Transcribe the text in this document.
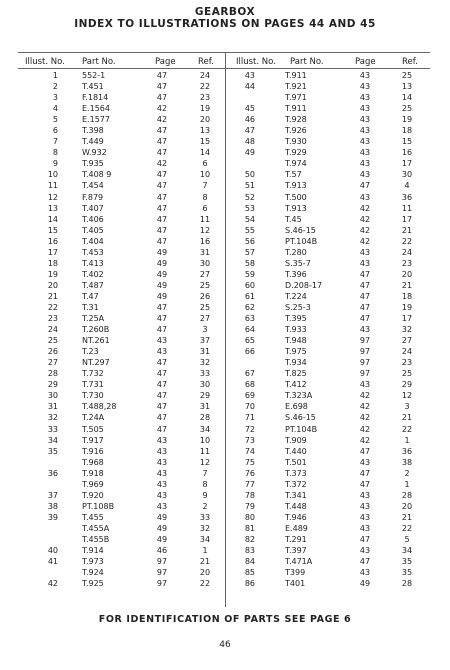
GEARBOX
INDEX TO ILLUSTRATIONS ON PAGES 44 AND 45
Illust. No. Part No.	Page	Ref.	Illust. No. Part No.	Page	Ref.
1	552-1	47	24
2	T.451	47	22
3	F.1814	47	23
4	E.1564	42	19
5	E.1577	42	20
6	T.398	47	13
7	T.449	47	15
8	W.932	47	14
9	T.935	42	6
10	T.408 9	47	10
11	T.454	47	7
12	F.879	47	8
13	T.407	47	6
14	T.406	47	11
15	T.405	47	12
16	T.404	47	16
17	T.453	49	31
18	T.413	49	30
19	T.402	49	27
20	T.487	49	25
21	T.47	49	26
22	T.31	47	25
23	T.25A	47	27
24	T.260B	47	3
25	NT.261	43	37
26	T.23	43	31
27	NT.297	47	32
28	T.732	47	33
29	T.731	47	30
30	T.730	47	29
31	T.488,28	47	31
32	T.24A	47	28
33	T.505	47	34
34	T.917	43	10
35	T.916	43	11
T.968	43	12
36	T.918	43	7
T.969	43	8
37	T.920	43	9
38	PT.108B	43	2
39	T.455	49	33
T.455A	49	32
T.455B	49	34
40	T.914	46	1
41	T.973	97	21
T.924	97	20
42	T.925	97	22
43	T.911	43	25
44	T.921	43	13
T.971	43	14
45	T.911	43	25
46	T.928	43	19
47	T.926	43	18
48	T.930	43	15
49	T.929	43	16
T.974	43	17
50	T.57	43	30
51	T.913	47	4
52	T.500	43	36
53	T.913	42	11
54	T.45	42	17
55	S.46-15	42	21
56	PT.104B	42	22
57	T.280	43	24
58	S.35-7	43	23
59	T.396	47	20
60	D.208-17	47	21
61	T.224	47	18
62	S.25-3	47	19
63	T.395	47	17
64	T.933	43	32
65	T.948	97	27
66	T.975	97	24
T.934	97	23
67	T.825	97	25
68	T.412	43	29
69	T.323A	42	12
70	E.698	42	3
71	S.46-15	42	21
72	PT.104B	42	22
73	T.909	42	1
74	T.440	47	36
75	T.501	43	38
76	T.373	47	2
77	T.372	47	1
78	T.341	43	28
79	T.448	43	20
80	T.946	43	21
81	E.489	43	22
82	T.291	47	5
83	T.397	43	34
84	T.471A	47	35
85	T399	43	35
86	T401	49	28
FOR IDENTIFICATION OF PARTS SEE PAGE 6
46
